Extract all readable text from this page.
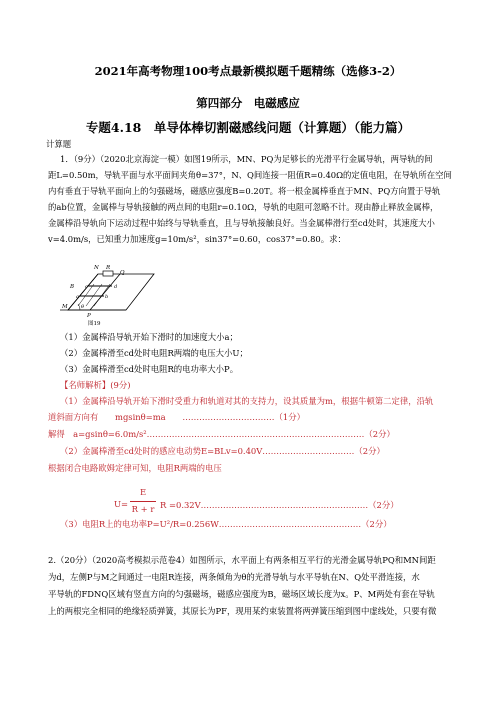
2021年高考物理100考点最新模拟题千题精练（选修3-2）
第四部分　电磁感应
专题4.18　单导体棒切割磁感线问题（计算题）（能力篇）
计算题
1．（9分）（2020北京海淀一模）如图19所示，MN、PQ为足够长的光滑平行金属导轨，两导轨的间
距L=0.50m，导轨平面与水平面间夹角θ=37°，N、Q间连接一阻值R=0.40Ω的定值电阻，在导轨所在空间
内有垂直于导轨平面向上的匀强磁场，磁感应强度B=0.20T。将一根金属棒垂直于MN、PQ方向置于导轨
的ab位置，金属棒与导轨接触的两点间的电阻r=0.10Ω，导轨的电阻可忽略不计。现由静止释放金属棒，
金属棒沿导轨向下运动过程中始终与导轨垂直，且与导轨接触良好。当金属棒滑行至cd处时，其速度大小
v=4.0m/s，已知重力加速度g=10m/s²，sin37°=0.60，cos37°=0.80。求：
N R
Q
B
a	b
c	d
M
P
θ
图19
（1）金属棒沿导轨开始下滑时的加速度大小a；
（2）金属棒滑至cd处时电阻R两端的电压大小U；
（3）金属棒滑至cd处时电阻R的电功率大小P。
【名师解析】(9分)
（1）金属棒沿导轨开始下滑时受重力和轨道对其的支持力，设其质量为m，根据牛顿第二定律，沿轨
道斜面方向有　　mgsinθ=ma　　……………………………（1分）
解得　a=gsinθ=6.0m/s²……………………………………………………………………（2分）
（2）金属棒滑至cd处时的感应电动势E=BLv=0.40V……………………………（2分）
根据闭合电路欧姆定律可知，电阻R两端的电压
U=
E
R + r R =0.32V……………………………………………………（2分）
（3）电阻R上的电功率P=U²/R=0.256W……………………………………………（2分）
2.（20分）（2020高考模拟示范卷4）如图所示，水平面上有两条相互平行的光滑金属导轨PQ和MN间距
为d，左侧P与M之间通过一电阻R连接，两条倾角为θ的光滑导轨与水平导轨在N、Q处平滑连接，水
平导轨的FDNQ区域有竖直方向的匀强磁场，磁感应强度为B，磁场区域长度为x。P、M两处有套在导轨
上的两根完全相同的绝缘轻质弹簧，其原长为PF，现用某约束装置将两弹簧压缩到图中虚线处，只要有微
